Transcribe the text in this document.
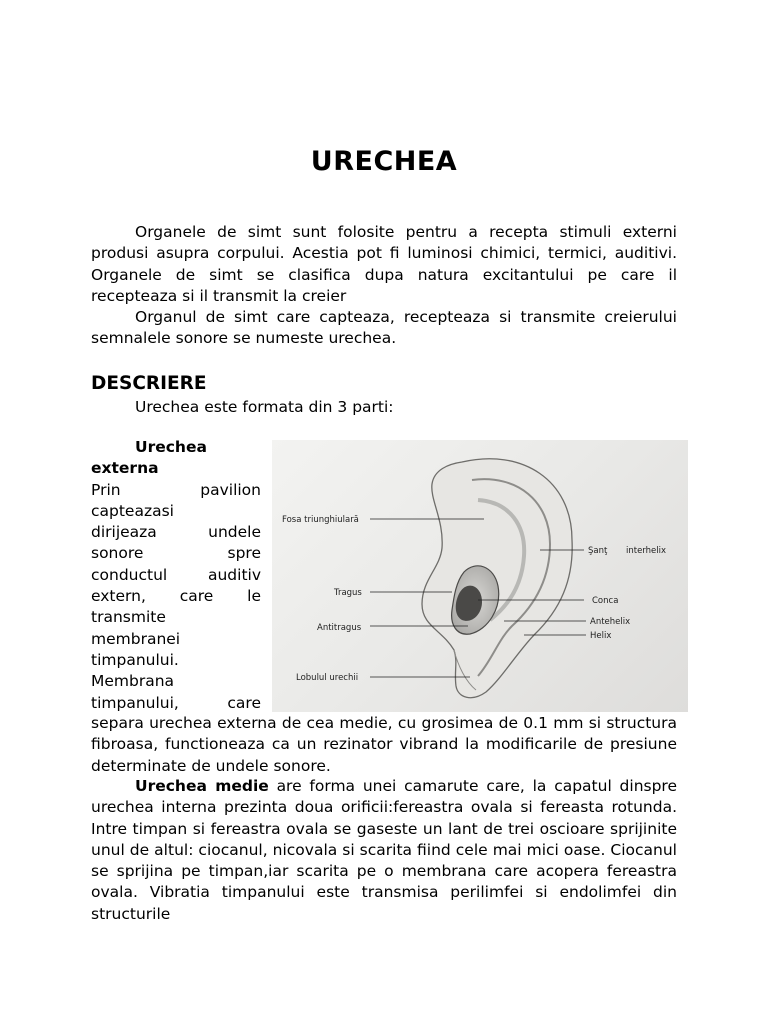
URECHEA

Organele de simt sunt folosite pentru a recepta stimuli externi produsi asupra corpului. Acestia pot fi luminosi chimici, termici, auditivi. Organele de simt se clasifica dupa natura excitantului pe care il recepteaza si il transmit la creier

Organul de simt care capteaza, recepteaza si transmite creierului semnalele sonore se numeste urechea.

DESCRIERE

Urechea este formata din 3 parti:

Urechea
externa
Prin pavilion
capteazasi
dirijeaza undele
sonore spre
conductul auditiv
extern, care le
transmite
membranei
timpanului.
Membrana
timpanului, care

separa urechea externa de cea medie, cu grosimea de 0.1 mm si structura fibroasa, functioneaza ca un rezinator vibrand la modificarile de presiune determinate de undele sonore.

Urechea medie are forma unei camarute care, la capatul dinspre urechea interna prezinta doua orificii:fereastra ovala si fereasta rotunda. Intre timpan si fereastra ovala se gaseste un lant de trei oscioare sprijinite unul de altul: ciocanul, nicovala si scarita fiind cele mai mici oase. Ciocanul se sprijina pe timpan,iar scarita pe o membrana care acopera fereastra ovala. Vibratia timpanului este transmisa perilimfei si endolimfei din structurile

Fosa triunghiulară
Şanţ interhelix
Tragus
Conca
Antitragus
Antehelix
Helix
Lobulul urechii
